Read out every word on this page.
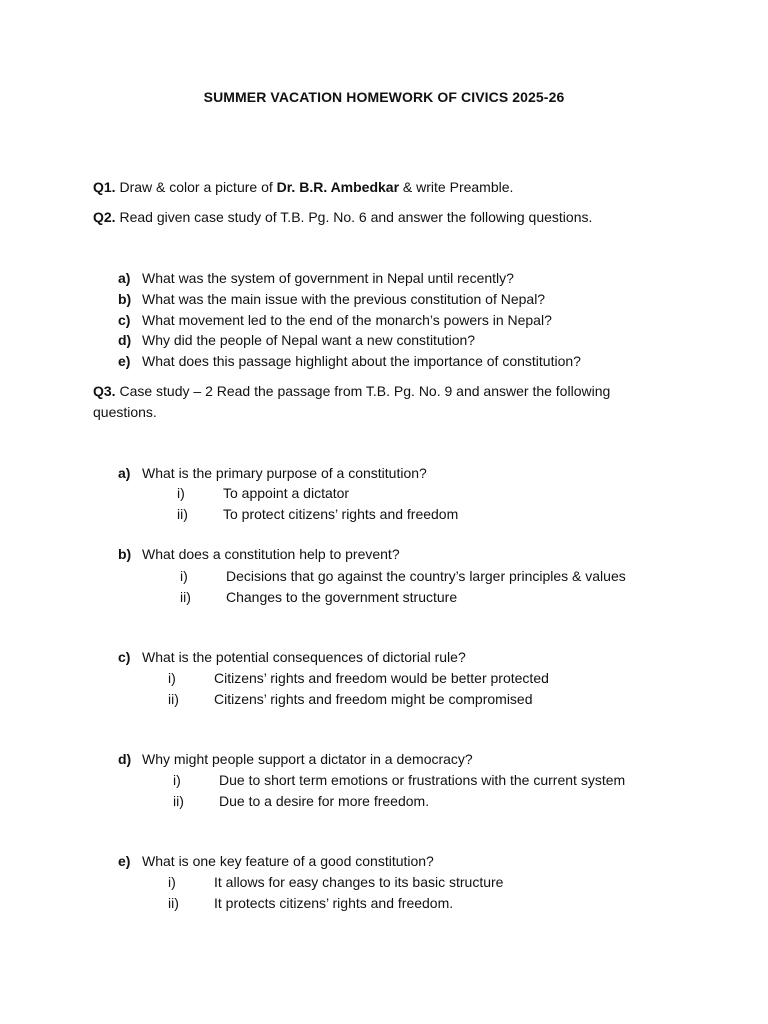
SUMMER VACATION HOMEWORK OF CIVICS 2025-26
Q1. Draw & color a picture of Dr. B.R. Ambedkar & write Preamble.
Q2. Read given case study of T.B. Pg. No. 6 and answer the following questions.
a) What was the system of government in Nepal until recently?
b) What was the main issue with the previous constitution of Nepal?
c) What movement led to the end of the monarch’s powers in Nepal?
d) Why did the people of Nepal want a new constitution?
e) What does this passage highlight about the importance of constitution?
Q3. Case study – 2 Read the passage from T.B. Pg. No. 9 and answer the following
questions.
a) What is the primary purpose of a constitution?
i)	To appoint a dictator
ii)	To protect citizens’ rights and freedom
b) What does a constitution help to prevent?
i)	Decisions that go against the country’s larger principles & values
ii)	Changes to the government structure
c) What is the potential consequences of dictorial rule?
i)	Citizens’ rights and freedom would be better protected
ii)	Citizens’ rights and freedom might be compromised
d) Why might people support a dictator in a democracy?
i)	Due to short term emotions or frustrations with the current system
ii)	Due to a desire for more freedom.
e) What is one key feature of a good constitution?
i)	It allows for easy changes to its basic structure
ii)	It protects citizens’ rights and freedom.
